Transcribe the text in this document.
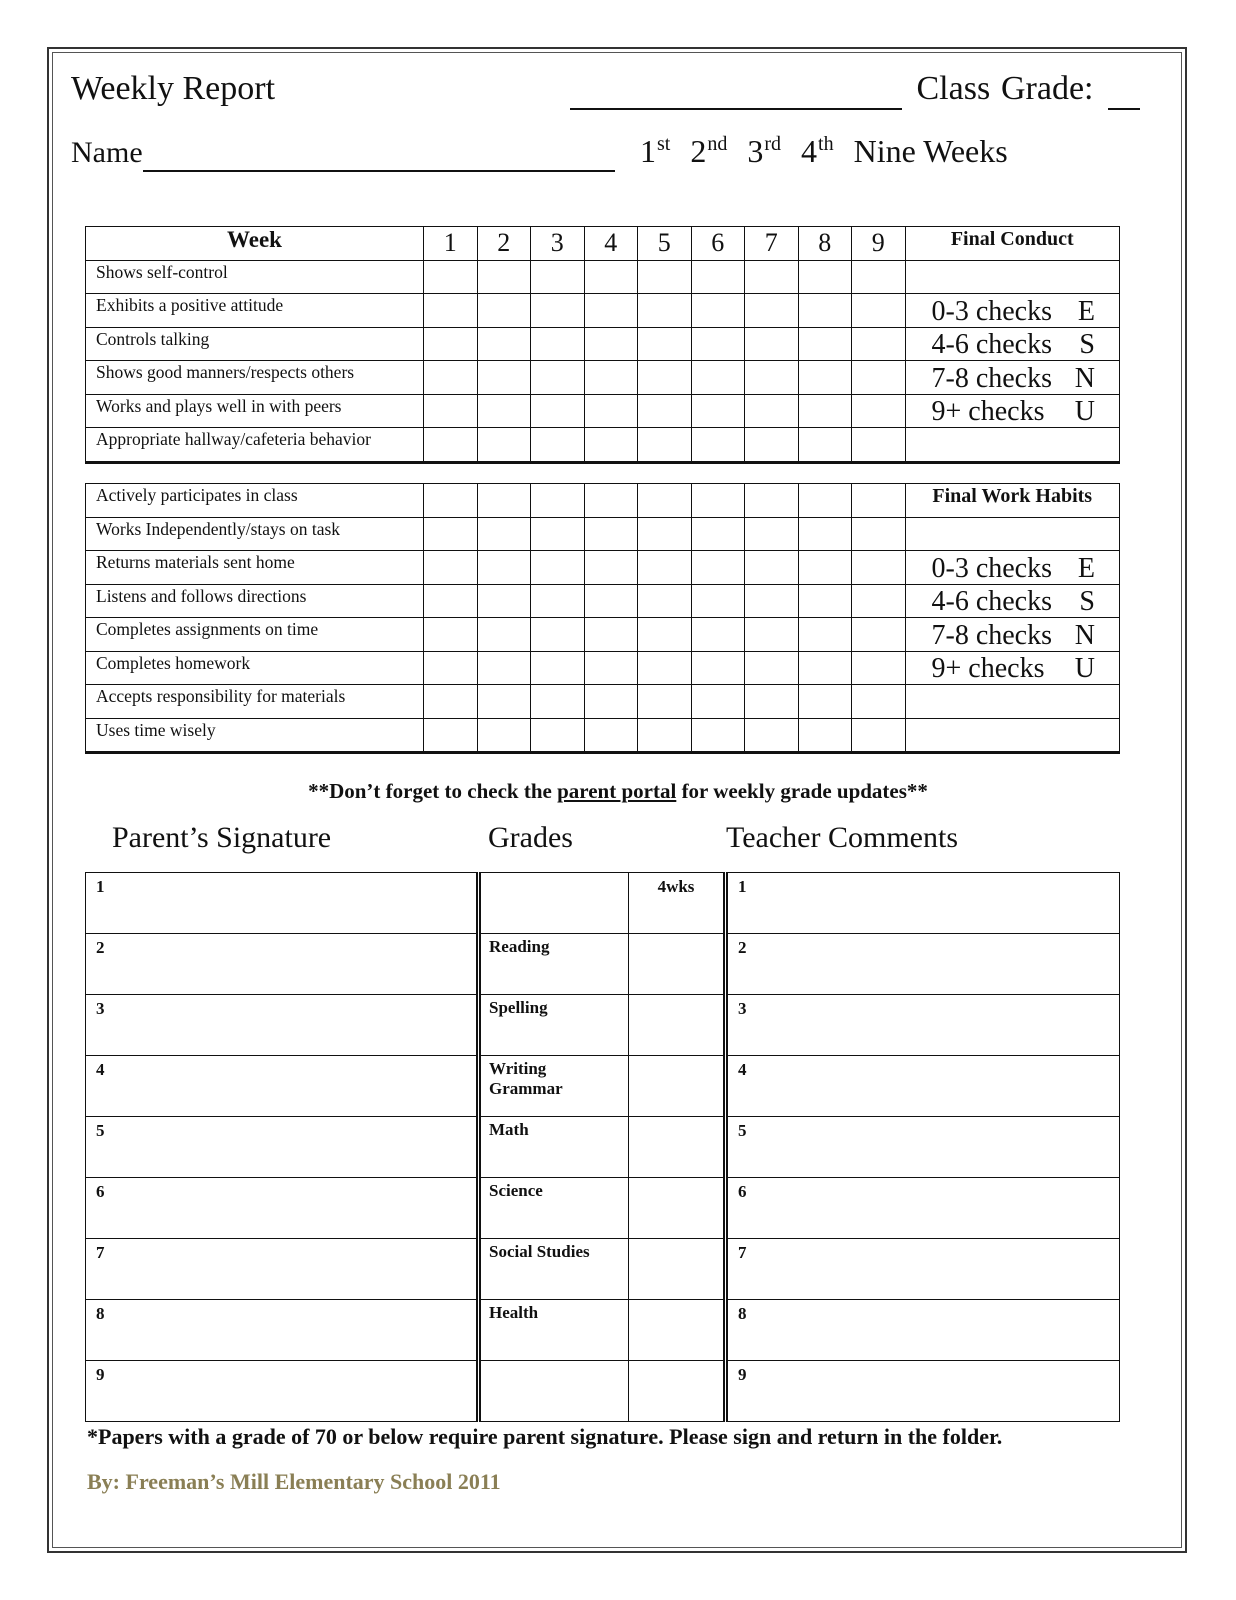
Weekly Report	Class Grade:
Name	1st 2nd 3rd 4th Nine Weeks
Week	1	2	3	4	5	6	7	8	9	Final Conduct
Shows self-control										
Exhibits a positive attitude										0-3 checks E

Controls talking										4-6 checks S

Shows good manners/respects others										7-8 checks N

Works and plays well in with peers										9+ checks U

Appropriate hallway/cafeteria behavior										
Actively participates in class										Final Work Habits
Works Independently/stays on task										
Returns materials sent home										0-3 checks E

Listens and follows directions										4-6 checks S

Completes assignments on time										7-8 checks N

Completes homework										9+ checks U

Accepts responsibility for materials										
Uses time wisely										
**Don’t forget to check the parent portal for weekly grade updates**
Parent’s Signature	Grades	Teacher Comments
1		4wks	1
2	Reading		2
3	Spelling		3
4	Writing
Grammar		4
5	Math		5
6	Science		6
7	Social Studies		7
8	Health		8
9			9
*Papers with a grade of 70 or below require parent signature. Please sign and return in the folder.
By: Freeman’s Mill Elementary School 2011
